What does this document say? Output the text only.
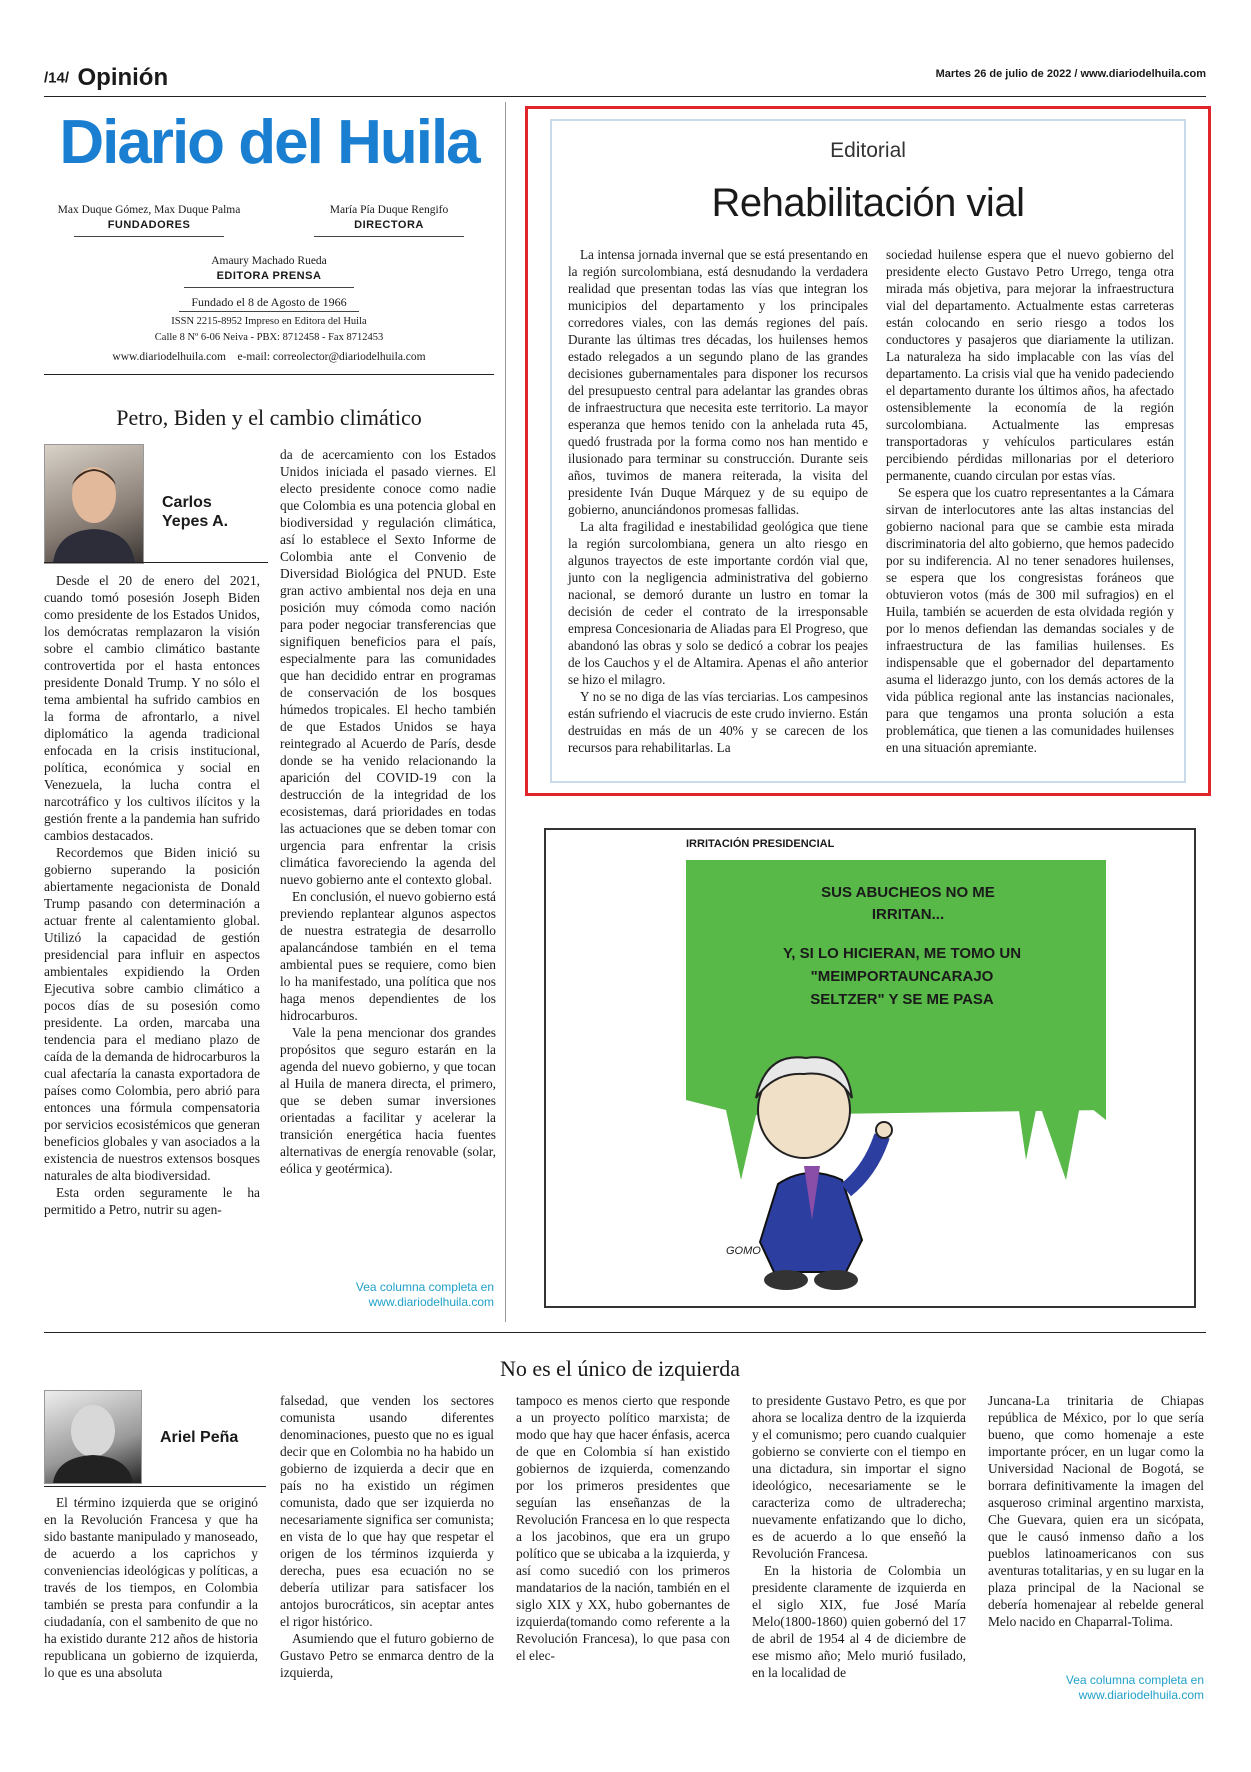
/14/ Opinión	Martes 26 de julio de 2022 / www.diariodelhuila.com
Diario del Huila
Max Duque Gómez, Max Duque Palma
FUNDADORES
María Pía Duque Rengifo
DIRECTORA
Amaury Machado Rueda
EDITORA PRENSA
Fundado el 8 de Agosto de 1966
ISSN 2215-8952 Impreso en Editora del Huila
Calle 8 Nº 6-06 Neiva - PBX: 8712458 - Fax 8712453
www.diariodelhuila.com    e-mail: correolector@diariodelhuila.com
Petro, Biden y el cambio climático
Carlos Yepes A.

Desde el 20 de enero del 2021, cuando tomó posesión Joseph Biden como presidente de los Estados Unidos, los demócratas remplazaron la visión sobre el cambio climático bastante controvertida por el hasta entonces presidente Donald Trump. Y no sólo el tema ambiental ha sufrido cambios en la forma de afrontarlo, a nivel diplomático la agenda tradicional enfocada en la crisis institucional, política, económica y social en Venezuela, la lucha contra el narcotráfico y los cultivos ilícitos y la gestión frente a la pandemia han sufrido cambios destacados.

Recordemos que Biden inició su gobierno superando la posición abiertamente negacionista de Donald Trump pasando con determinación a actuar frente al calentamiento global. Utilizó la capacidad de gestión presidencial para influir en aspectos ambientales expidiendo la Orden Ejecutiva sobre cambio climático a pocos días de su posesión como presidente. La orden, marcaba una tendencia para el mediano plazo de caída de la demanda de hidrocarburos la cual afectaría la canasta exportadora de países como Colombia, pero abrió para entonces una fórmula compensatoria por servicios ecosistémicos que generan beneficios globales y van asociados a la existencia de nuestros extensos bosques naturales de alta biodiversidad.

Esta orden seguramente le ha permitido a Petro, nutrir su agen-

da de acercamiento con los Estados Unidos iniciada el pasado viernes. El electo presidente conoce como nadie que Colombia es una potencia global en biodiversidad y regulación climática, así lo establece el Sexto Informe de Colombia ante el Convenio de Diversidad Biológica del PNUD. Este gran activo ambiental nos deja en una posición muy cómoda como nación para poder negociar transferencias que signifiquen beneficios para el país, especialmente para las comunidades que han decidido entrar en programas de conservación de los bosques húmedos tropicales. El hecho también de que Estados Unidos se haya reintegrado al Acuerdo de París, desde donde se ha venido relacionando la aparición del COVID-19 con la destrucción de la integridad de los ecosistemas, dará prioridades en todas las actuaciones que se deben tomar con urgencia para enfrentar la crisis climática favoreciendo la agenda del nuevo gobierno ante el contexto global.

En conclusión, el nuevo gobierno está previendo replantear algunos aspectos de nuestra estrategia de desarrollo apalancándose también en el tema ambiental pues se requiere, como bien lo ha manifestado, una política que nos haga menos dependientes de los hidrocarburos.

Vale la pena mencionar dos grandes propósitos que seguro estarán en la agenda del nuevo gobierno, y que tocan al Huila de manera directa, el primero, que se deben sumar inversiones orientadas a facilitar y acelerar la transición energética hacia fuentes alternativas de energía renovable (solar, eólica y geotérmica).

Vea columna completa en www.diariodelhuila.com
Editorial
Rehabilitación vial

La intensa jornada invernal que se está presentando en la región surcolombiana, está desnudando la verdadera realidad que presentan todas las vías que integran los municipios del departamento y los principales corredores viales, con las demás regiones del país. Durante las últimas tres décadas, los huilenses hemos estado relegados a un segundo plano de las grandes decisiones gubernamentales para disponer los recursos del presupuesto central para adelantar las grandes obras de infraestructura que necesita este territorio. La mayor esperanza que hemos tenido con la anhelada ruta 45, quedó frustrada por la forma como nos han mentido e ilusionado para terminar su construcción. Durante seis años, tuvimos de manera reiterada, la visita del presidente Iván Duque Márquez y de su equipo de gobierno, anunciándonos promesas fallidas.

La alta fragilidad e inestabilidad geológica que tiene la región surcolombiana, genera un alto riesgo en algunos trayectos de este importante cordón vial que, junto con la negligencia administrativa del gobierno nacional, se demoró durante un lustro en tomar la decisión de ceder el contrato de la irresponsable empresa Concesionaria de Aliadas para El Progreso, que abandonó las obras y solo se dedicó a cobrar los peajes de los Cauchos y el de Altamira. Apenas el año anterior se hizo el milagro.

Y no se no diga de las vías terciarias. Los campesinos están sufriendo el viacrucis de este crudo invierno. Están destruidas en más de un 40% y se carecen de los recursos para rehabilitarlas. La

sociedad huilense espera que el nuevo gobierno del presidente electo Gustavo Petro Urrego, tenga otra mirada más objetiva, para mejorar la infraestructura vial del departamento. Actualmente estas carreteras están colocando en serio riesgo a todos los conductores y pasajeros que diariamente la utilizan. La naturaleza ha sido implacable con las vías del departamento. La crisis vial que ha venido padeciendo el departamento durante los últimos años, ha afectado ostensiblemente la economía de la región surcolombiana. Actualmente las empresas transportadoras y vehículos particulares están percibiendo pérdidas millonarias por el deterioro permanente, cuando circulan por estas vías.

Se espera que los cuatro representantes a la Cámara sirvan de interlocutores ante las altas instancias del gobierno nacional para que se cambie esta mirada discriminatoria del alto gobierno, que hemos padecido por su indiferencia. Al no tener senadores huilenses, se espera que los congresistas foráneos que obtuvieron votos (más de 300 mil sufragios) en el Huila, también se acuerden de esta olvidada región y por lo menos defiendan las demandas sociales y de infraestructura de las familias huilenses. Es indispensable que el gobernador del departamento asuma el liderazgo junto, con los demás actores de la vida pública regional ante las instancias nacionales, para que tengamos una pronta solución a esta problemática, que tienen a las comunidades huilenses en una situación apremiante.

IRRITACIÓN PRESIDENCIAL
SUS ABUCHEOS NO ME IRRITAN...
Y, SI LO HICIERAN, ME TOMO UN "MEIMPORTAUNCARAJO SELTZER" Y SE ME PASA
GOMO
No es el único de izquierda
Ariel Peña

El término izquierda que se originó en la Revolución Francesa y que ha sido bastante manipulado y manoseado, de acuerdo a los caprichos y conveniencias ideológicas y políticas, a través de los tiempos, en Colombia también se presta para confundir a la ciudadanía, con el sambenito de que no ha existido durante 212 años de historia republicana un gobierno de izquierda, lo que es una absoluta

falsedad, que venden los sectores comunista usando diferentes denominaciones, puesto que no es igual decir que en Colombia no ha habido un gobierno de izquierda a decir que en país no ha existido un régimen comunista, dado que ser izquierda no necesariamente significa ser comunista; en vista de lo que hay que respetar el origen de los términos izquierda y derecha, pues esa ecuación no se debería utilizar para satisfacer los antojos burocráticos, sin aceptar antes el rigor histórico.

Asumiendo que el futuro gobierno de Gustavo Petro se enmarca dentro de la izquierda,

tampoco es menos cierto que responde a un proyecto político marxista; de modo que hay que hacer énfasis, acerca de que en Colombia sí han existido gobiernos de izquierda, comenzando por los primeros presidentes que seguían las enseñanzas de la Revolución Francesa en lo que respecta a los jacobinos, que era un grupo político que se ubicaba a la izquierda, y así como sucedió con los primeros mandatarios de la nación, también en el siglo XIX y XX, hubo gobernantes de izquierda(tomando como referente a la Revolución Francesa), lo que pasa con el elec-

to presidente Gustavo Petro, es que por ahora se localiza dentro de la izquierda y el comunismo; pero cuando cualquier gobierno se convierte con el tiempo en una dictadura, sin importar el signo ideológico, necesariamente se le caracteriza como de ultraderecha; nuevamente enfatizando que lo dicho, es de acuerdo a lo que enseñó la Revolución Francesa.

En la historia de Colombia un presidente claramente de izquierda en el siglo XIX, fue José María Melo(1800-1860) quien gobernó del 17 de abril de 1954 al 4 de diciembre de ese mismo año; Melo murió fusilado, en la localidad de

Juncana-La trinitaria de Chiapas república de México, por lo que sería bueno, que como homenaje a este importante prócer, en un lugar como la Universidad Nacional de Bogotá, se borrara definitivamente la imagen del asqueroso criminal argentino marxista, Che Guevara, quien era un sicópata, que le causó inmenso daño a los pueblos latinoamericanos con sus aventuras totalitarias, y en su lugar en la plaza principal de la Nacional se debería homenajear al rebelde general Melo nacido en Chaparral-Tolima.

Vea columna completa en www.diariodelhuila.com
